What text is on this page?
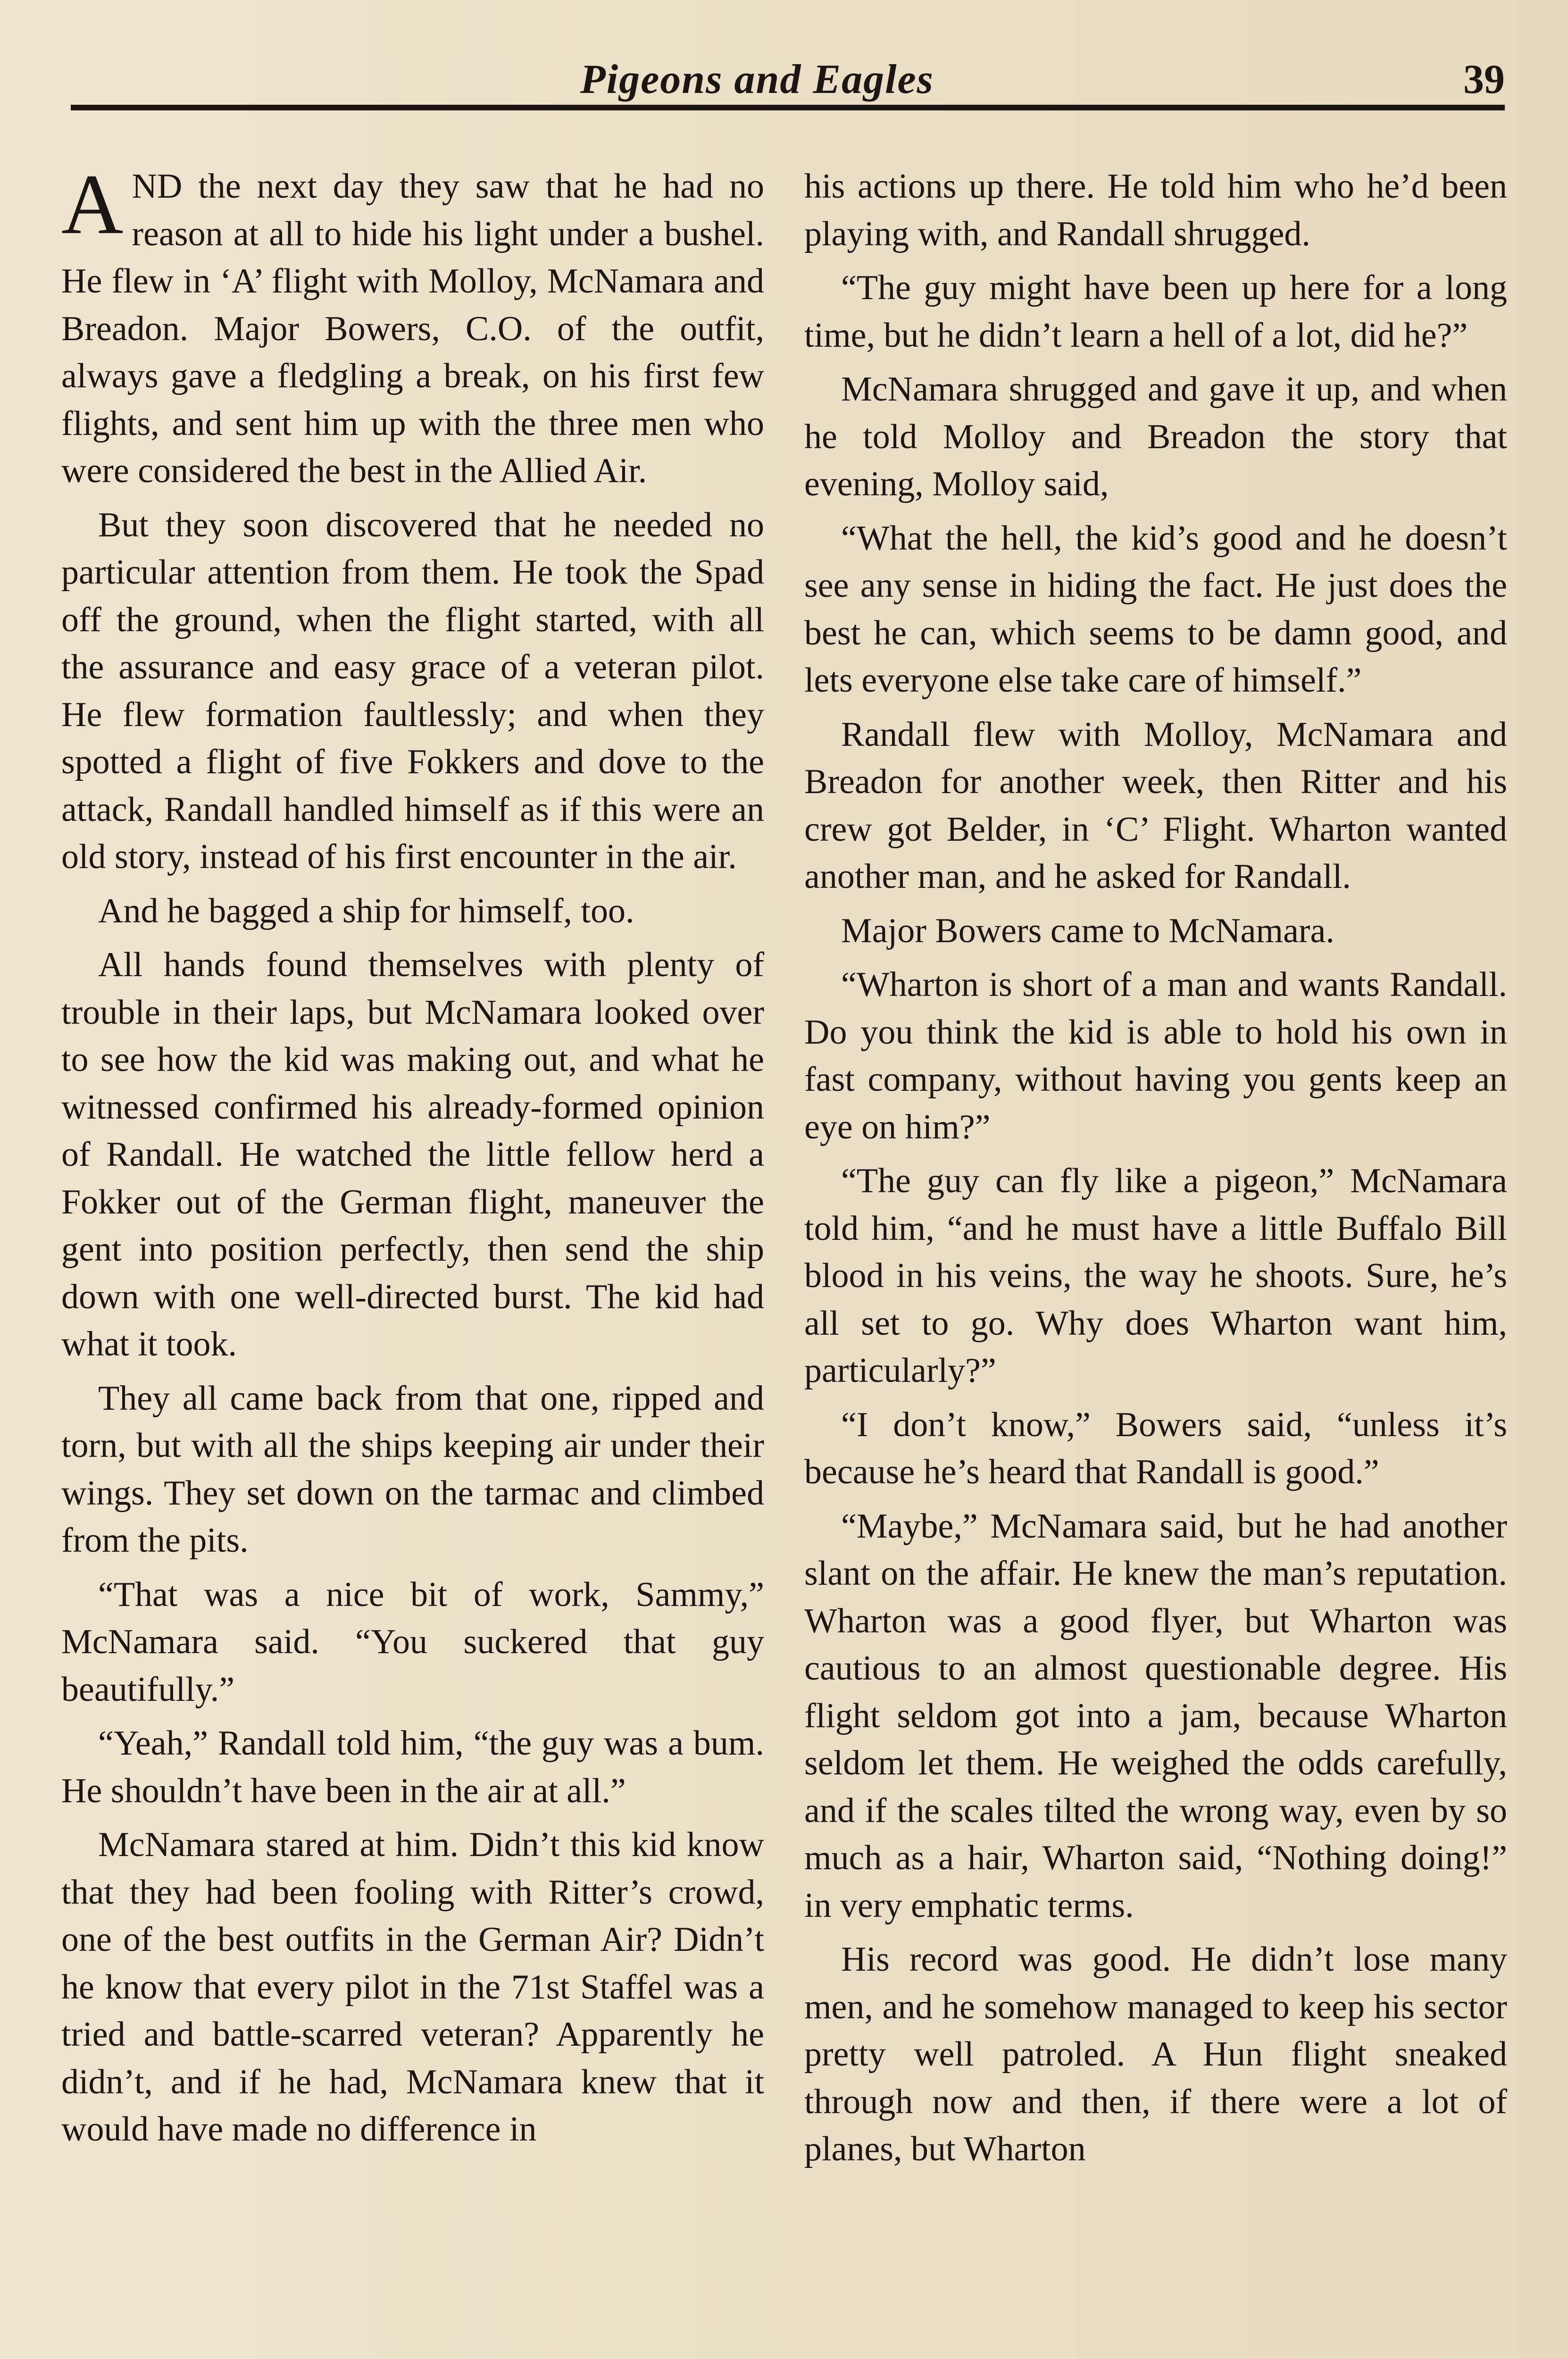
Pigeons and Eagles	39

AND the next day they saw that he had no reason at all to hide his light under a bushel. He flew in ‘A’ flight with Molloy, McNamara and Breadon. Major Bowers, C.O. of the outfit, always gave a fledgling a break, on his first few flights, and sent him up with the three men who were considered the best in the Allied Air.

But they soon discovered that he needed no particular attention from them. He took the Spad off the ground, when the flight started, with all the assurance and easy grace of a veteran pilot. He flew formation faultlessly; and when they spotted a flight of five Fokkers and dove to the attack, Randall handled himself as if this were an old story, instead of his first encounter in the air.

And he bagged a ship for himself, too.

All hands found themselves with plenty of trouble in their laps, but McNamara looked over to see how the kid was making out, and what he witnessed confirmed his already-formed opinion of Randall. He watched the little fellow herd a Fokker out of the German flight, maneuver the gent into position perfectly, then send the ship down with one well-directed burst. The kid had what it took.

They all came back from that one, ripped and torn, but with all the ships keeping air under their wings. They set down on the tarmac and climbed from the pits.

“That was a nice bit of work, Sammy,” McNamara said. “You suckered that guy beautifully.”

“Yeah,” Randall told him, “the guy was a bum. He shouldn’t have been in the air at all.”

McNamara stared at him. Didn’t this kid know that they had been fooling with Ritter’s crowd, one of the best outfits in the German Air? Didn’t he know that every pilot in the 71st Staffel was a tried and battle-scarred veteran? Apparently he didn’t, and if he had, McNamara knew that it would have made no difference in

his actions up there. He told him who he’d been playing with, and Randall shrugged.

“The guy might have been up here for a long time, but he didn’t learn a hell of a lot, did he?”

McNamara shrugged and gave it up, and when he told Molloy and Breadon the story that evening, Molloy said,

“What the hell, the kid’s good and he doesn’t see any sense in hiding the fact. He just does the best he can, which seems to be damn good, and lets everyone else take care of himself.”

Randall flew with Molloy, McNamara and Breadon for another week, then Ritter and his crew got Belder, in ‘C’ Flight. Wharton wanted another man, and he asked for Randall.

Major Bowers came to McNamara.

“Wharton is short of a man and wants Randall. Do you think the kid is able to hold his own in fast company, without having you gents keep an eye on him?”

“The guy can fly like a pigeon,” McNamara told him, “and he must have a little Buffalo Bill blood in his veins, the way he shoots. Sure, he’s all set to go. Why does Wharton want him, particularly?”

“I don’t know,” Bowers said, “unless it’s because he’s heard that Randall is good.”

“Maybe,” McNamara said, but he had another slant on the affair. He knew the man’s reputation. Wharton was a good flyer, but Wharton was cautious to an almost questionable degree. His flight seldom got into a jam, because Wharton seldom let them. He weighed the odds carefully, and if the scales tilted the wrong way, even by so much as a hair, Wharton said, “Nothing doing!” in very emphatic terms.

His record was good. He didn’t lose many men, and he somehow managed to keep his sector pretty well patroled. A Hun flight sneaked through now and then, if there were a lot of planes, but Wharton
